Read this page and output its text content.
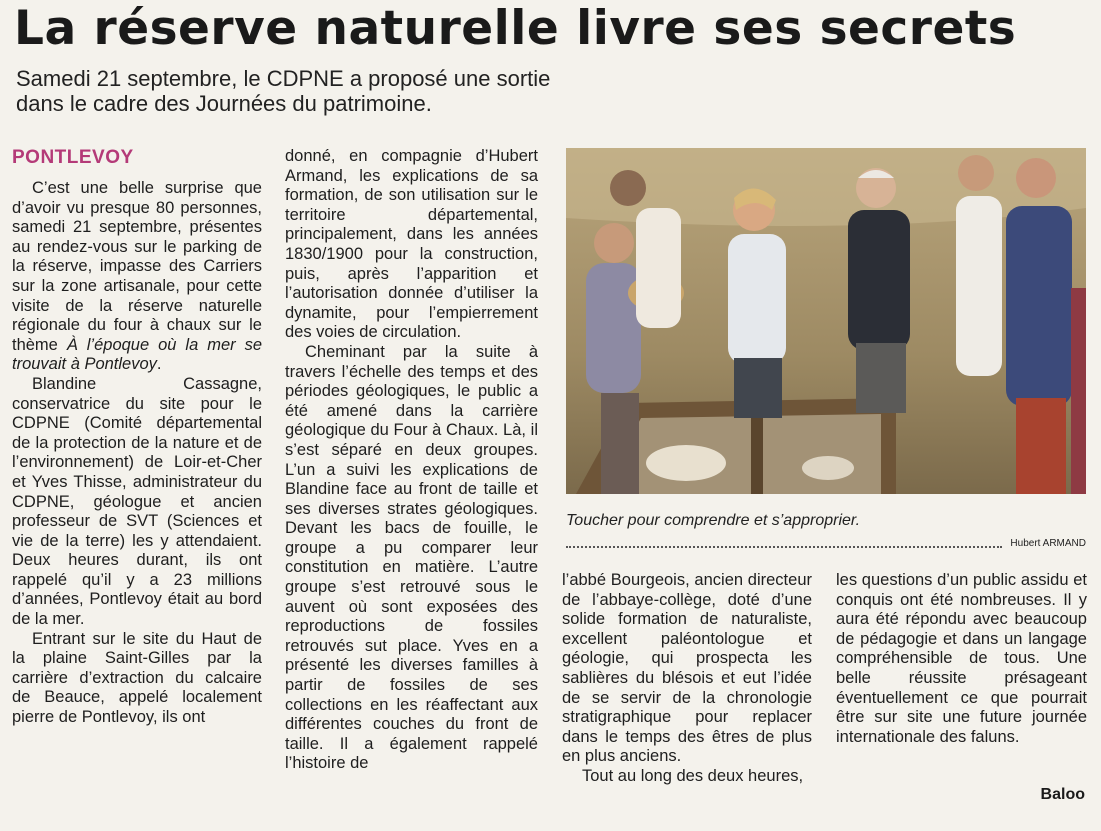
La réserve naturelle livre ses secrets
Samedi 21 septembre, le CDPNE a proposé une sortie
dans le cadre des Journées du patrimoine.
PONTLEVOY

C’est une belle surprise que d’avoir vu presque 80 personnes, samedi 21 septembre, présentes au rendez-vous sur le parking de la réserve, impasse des Carriers sur la zone artisanale, pour cette visite de la réserve naturelle régionale du four à chaux sur le thème À l’époque où la mer se trouvait à Pontlevoy.

Blandine Cassagne, conservatrice du site pour le CDPNE (Comité départemental de la protection de la nature et de l’environnement) de Loir-et-Cher et Yves Thisse, administrateur du CDPNE, géologue et ancien professeur de SVT (Sciences et vie de la terre) les y attendaient. Deux heures durant, ils ont rappelé qu’il y a 23 millions d’années, Pontlevoy était au bord de la mer.

Entrant sur le site du Haut de la plaine Saint-Gilles par la carrière d’extraction du calcaire de Beauce, appelé localement pierre de Pontlevoy, ils ont

donné, en compagnie d’Hubert Armand, les explications de sa formation, de son utilisation sur le territoire départemental, principalement, dans les années 1830/1900 pour la construction, puis, après l’apparition et l’autorisation donnée d’utiliser la dynamite, pour l’empierrement des voies de circulation.

Cheminant par la suite à travers l’échelle des temps et des périodes géologiques, le public a été amené dans la carrière géologique du Four à Chaux. Là, il s’est séparé en deux groupes. L’un a suivi les explications de Blandine face au front de taille et ses diverses strates géologiques. Devant les bacs de fouille, le groupe a pu comparer leur constitution en matière. L’autre groupe s’est retrouvé sous le auvent où sont exposées des reproductions de fossiles retrouvés sut place. Yves en a présenté les diverses familles à partir de fossiles de ses collections en les réaffectant aux différentes couches du front de taille. Il a également rappelé l’histoire de

Toucher pour comprendre et s’approprier.
Hubert ARMAND

l’abbé Bourgeois, ancien directeur de l’abbaye-collège, doté d’une solide formation de naturaliste, excellent paléontologue et géologie, qui prospecta les sablières du blésois et eut l’idée de se servir de la chronologie stratigraphique pour replacer dans le temps des êtres de plus en plus anciens.

Tout au long des deux heures,

les questions d’un public assidu et conquis ont été nombreuses. Il y aura été répondu avec beaucoup de pédagogie et dans un langage compréhensible de tous. Une belle réussite présageant éventuellement ce que pourrait être sur site une future journée internationale des faluns.

Baloo
